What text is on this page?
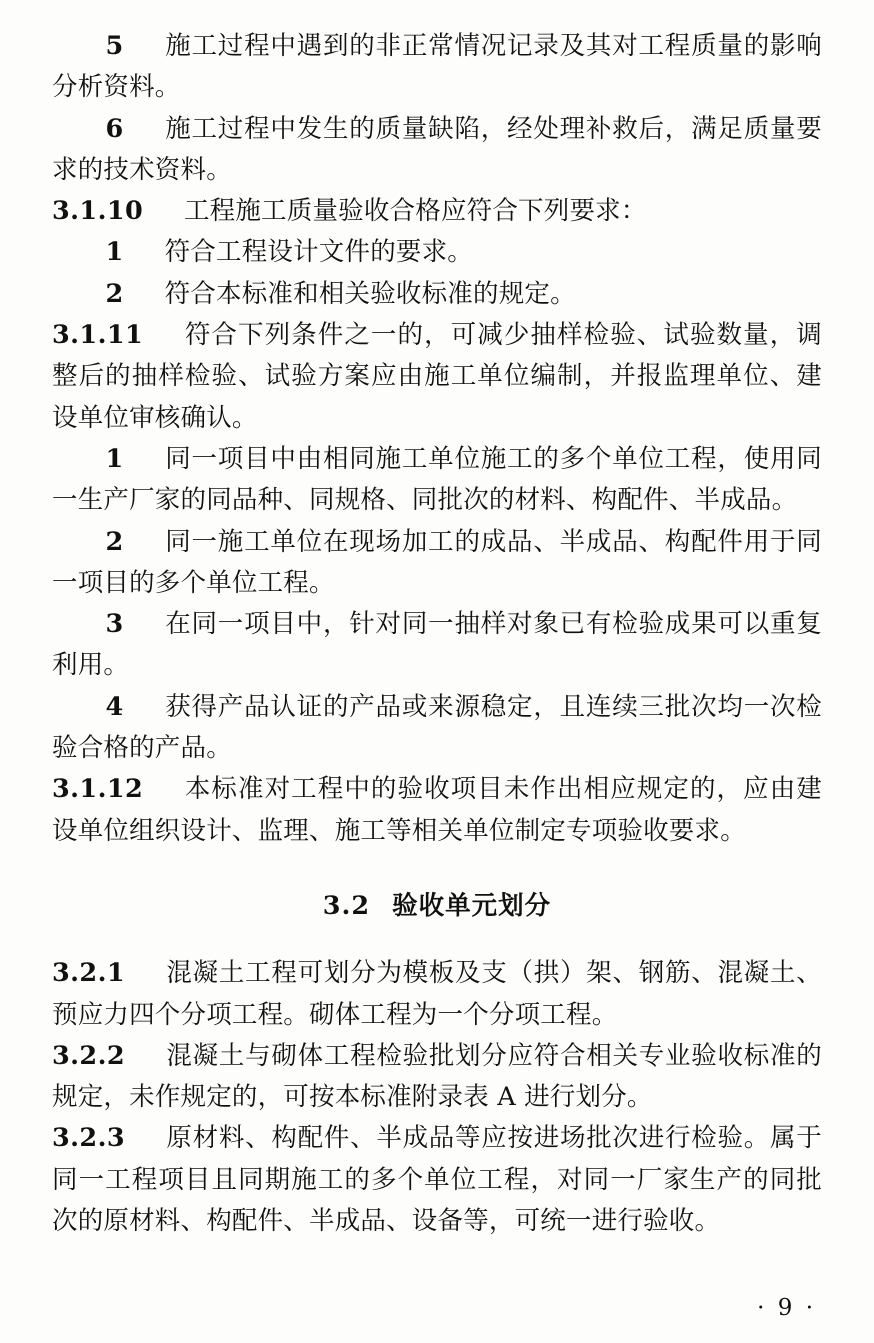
5 施工过程中遇到的非正常情况记录及其对工程质量的影响分析资料。

6 施工过程中发生的质量缺陷，经处理补救后，满足质量要求的技术资料。

3.1.10 工程施工质量验收合格应符合下列要求：

1 符合工程设计文件的要求。

2 符合本标准和相关验收标准的规定。

3.1.11 符合下列条件之一的，可减少抽样检验、试验数量，调整后的抽样检验、试验方案应由施工单位编制，并报监理单位、建设单位审核确认。

1 同一项目中由相同施工单位施工的多个单位工程，使用同一生产厂家的同品种、同规格、同批次的材料、构配件、半成品。

2 同一施工单位在现场加工的成品、半成品、构配件用于同一项目的多个单位工程。

3 在同一项目中，针对同一抽样对象已有检验成果可以重复利用。

4 获得产品认证的产品或来源稳定，且连续三批次均一次检验合格的产品。

3.1.12 本标准对工程中的验收项目未作出相应规定的，应由建设单位组织设计、监理、施工等相关单位制定专项验收要求。

3.2 验收单元划分

3.2.1 混凝土工程可划分为模板及支（拱）架、钢筋、混凝土、预应力四个分项工程。砌体工程为一个分项工程。

3.2.2 混凝土与砌体工程检验批划分应符合相关专业验收标准的规定，未作规定的，可按本标准附录表 A 进行划分。

3.2.3 原材料、构配件、半成品等应按进场批次进行检验。属于同一工程项目且同期施工的多个单位工程，对同一厂家生产的同批次的原材料、构配件、半成品、设备等，可统一进行验收。

· 9 ·
